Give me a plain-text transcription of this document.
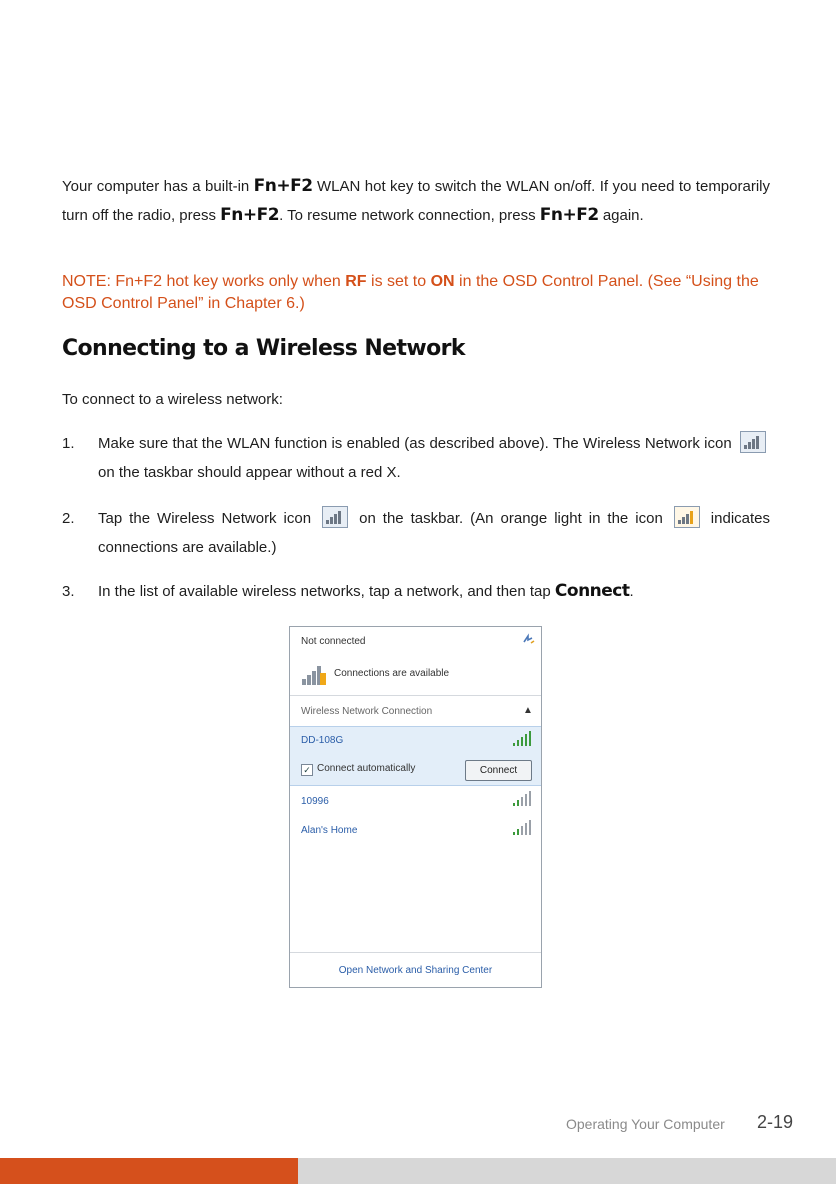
Your computer has a built-in Fn+F2 WLAN hot key to switch the WLAN on/off. If you need to temporarily turn off the radio, press Fn+F2. To resume network connection, press Fn+F2 again.
NOTE: Fn+F2 hot key works only when RF is set to ON in the OSD Control Panel. (See “Using the OSD Control Panel” in Chapter 6.)
Connecting to a Wireless Network
To connect to a wireless network:
1. Make sure that the WLAN function is enabled (as described above). The Wireless Network icon
on the taskbar should appear without a red X.
2. Tap the Wireless Network icon
on the taskbar. (An orange light in the icon
indicates connections are available.)
3. In the list of available wireless networks, tap a network, and then tap Connect.
Not connected
Connections are available
Wireless Network Connection	▲
DD-108G
✓ Connect automatically	Connect
10996
Alan's Home
Open Network and Sharing Center
Operating Your Computer 2-19
